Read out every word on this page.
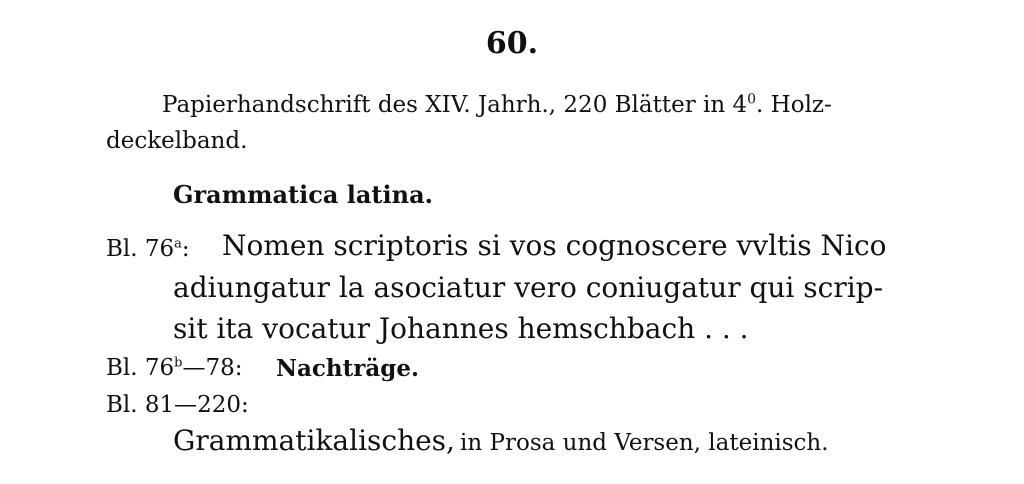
60.
Papierhandschrift des XIV. Jahrh., 220 Blätter in $4^0$. Holz-
deckelband.
Grammatica latina.
Bl. 76$^a$: Nomen scriptoris si vos cognoscere vvltis Nico
adiungatur la asociatur vero coniugatur qui scrip-
sit ita vocatur Johannes hemschbach . . .
Bl. 76$^b$—78: Nachträge.
Bl. 81—220:
Grammatikalisches, in Prosa und Versen, lateinisch.
